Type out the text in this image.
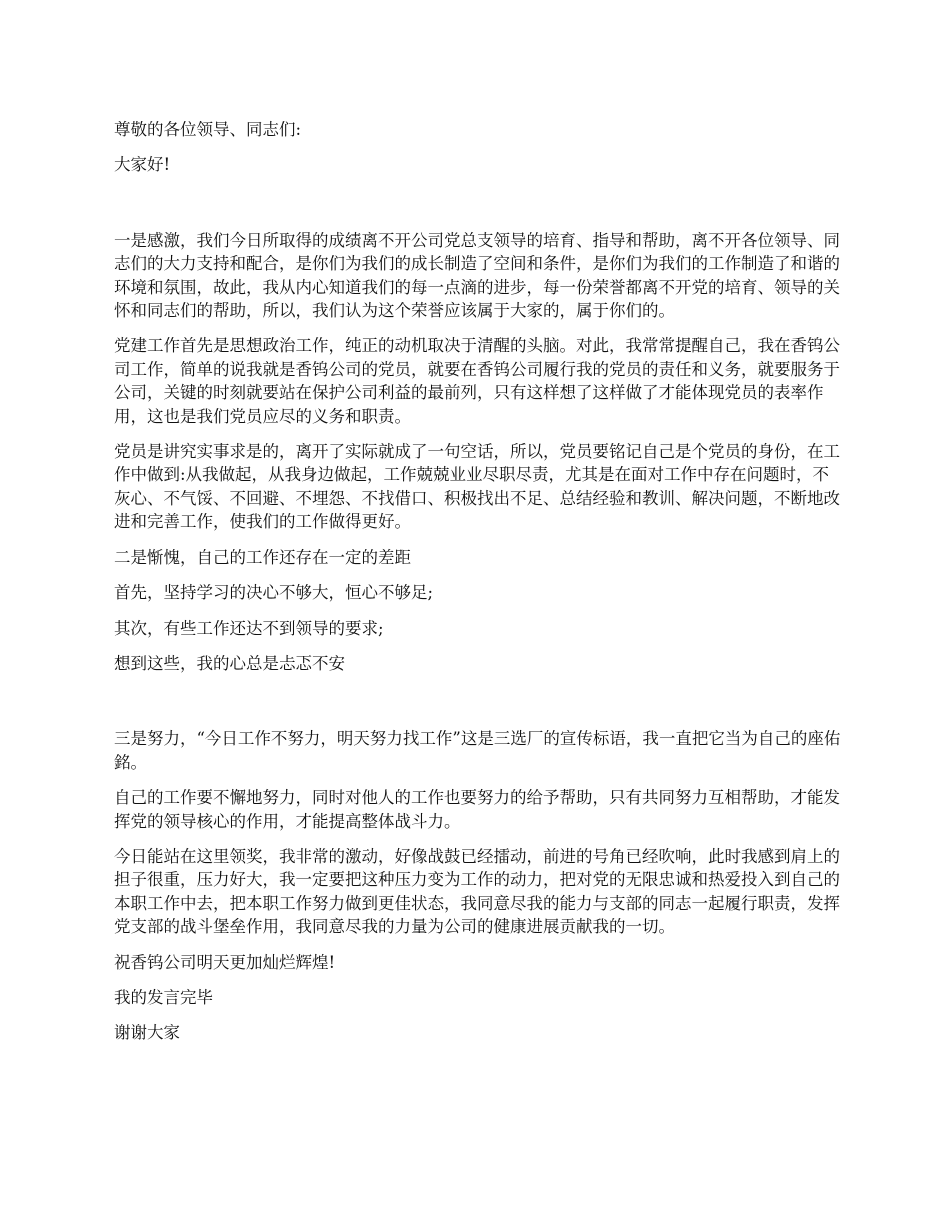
尊敬的各位领导、同志们:

大家好!

一是感激，我们今日所取得的成绩离不开公司党总支领导的培育、指导和帮助，离不开各位领导、同志们的大力支持和配合，是你们为我们的成长制造了空间和条件，是你们为我们的工作制造了和谐的环境和氛围，故此，我从内心知道我们的每一点滴的进步，每一份荣誉都离不开党的培育、领导的关怀和同志们的帮助，所以，我们认为这个荣誉应该属于大家的，属于你们的。

党建工作首先是思想政治工作，纯正的动机取决于清醒的头脑。对此，我常常提醒自己，我在香钨公司工作，简单的说我就是香钨公司的党员，就要在香钨公司履行我的党员的责任和义务，就要服务于公司，关键的时刻就要站在保护公司利益的最前列，只有这样想了这样做了才能体现党员的表率作用，这也是我们党员应尽的义务和职责。

党员是讲究实事求是的，离开了实际就成了一句空话，所以，党员要铭记自己是个党员的身份，在工作中做到:从我做起，从我身边做起，工作兢兢业业尽职尽责，尤其是在面对工作中存在问题时，不灰心、不气馁、不回避、不埋怨、不找借口、积极找出不足、总结经验和教训、解决问题，不断地改进和完善工作，使我们的工作做得更好。

二是惭愧，自己的工作还存在一定的差距

首先，坚持学习的决心不够大，恒心不够足;

其次，有些工作还达不到领导的要求;

想到这些，我的心总是忐忑不安

三是努力，“今日工作不努力，明天努力找工作”这是三选厂的宣传标语，我一直把它当为自己的座佑銘。

自己的工作要不懈地努力，同时对他人的工作也要努力的给予帮助，只有共同努力互相帮助，才能发挥党的领导核心的作用，才能提高整体战斗力。

今日能站在这里领奖，我非常的激动，好像战鼓已经擂动，前进的号角已经吹响，此时我感到肩上的担子很重，压力好大，我一定要把这种压力变为工作的动力，把对党的无限忠诚和热爱投入到自己的本职工作中去，把本职工作努力做到更佳状态，我同意尽我的能力与支部的同志一起履行职责，发挥党支部的战斗堡垒作用，我同意尽我的力量为公司的健康进展贡献我的一切。

祝香钨公司明天更加灿烂辉煌!

我的发言完毕

谢谢大家
